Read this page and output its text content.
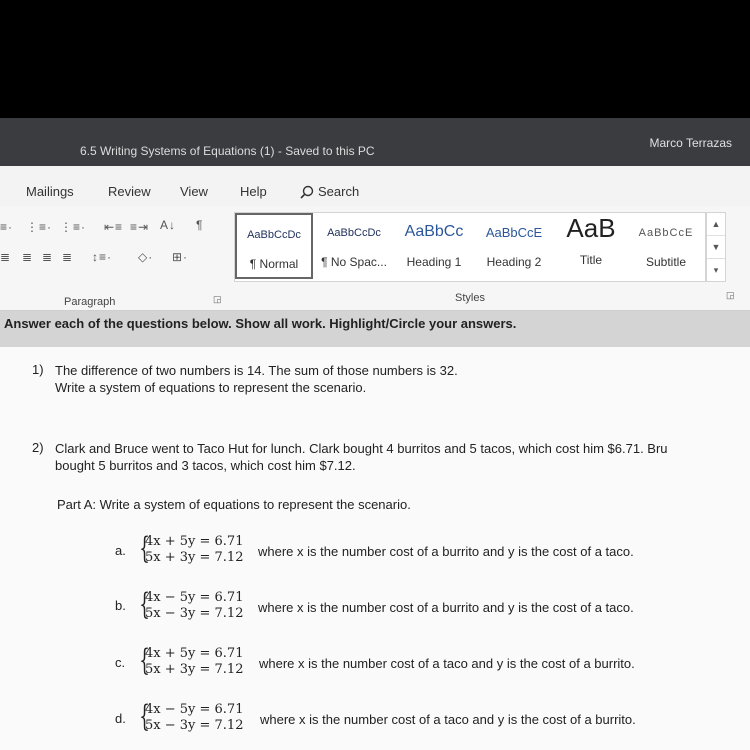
6.5 Writing Systems of Equations (1) - Saved to this PC
Marco Terrazas
Mailings	Review View Help	Search
≡· ⋮≡· ⋮≡· ⇤≡ ≡⇥ A↓ ¶
≣ ≣ ≣ ≣ ↕≡· ◇· ⊞·
Paragraph	◲
AaBbCcDc
¶ Normal
AaBbCcDc
¶ No Spac...
AaBbCc
Heading 1
AaBbCcE
Heading 2
AaB
Title
AaBbCcE
Subtitle
▲
▼
▾
Styles	◲
Answer each of the questions below. Show all work. Highlight/Circle your answers.
1) The difference of two numbers is 14. The sum of those numbers is 32.
Write a system of equations to represent the scenario.
2) Clark and Bruce went to Taco Hut for lunch. Clark bought 4 burritos and 5 tacos, which cost him $6.71. Bru
bought 5 burritos and 3 tacos, which cost him $7.12.
Part A: Write a system of equations to represent the scenario.
a. {
4x + 5y = 6.71
5x + 3y = 7.12 where x is the number cost of a burrito and y is the cost of a taco.
b. {
4x − 5y = 6.71
5x − 3y = 7.12 where x is the number cost of a burrito and y is the cost of a taco.
c. {
4x + 5y = 6.71
5x + 3y = 7.12 where x is the number cost of a taco and y is the cost of a burrito.
d. {
4x − 5y = 6.71
5x − 3y = 7.12 where x is the number cost of a taco and y is the cost of a burrito.
